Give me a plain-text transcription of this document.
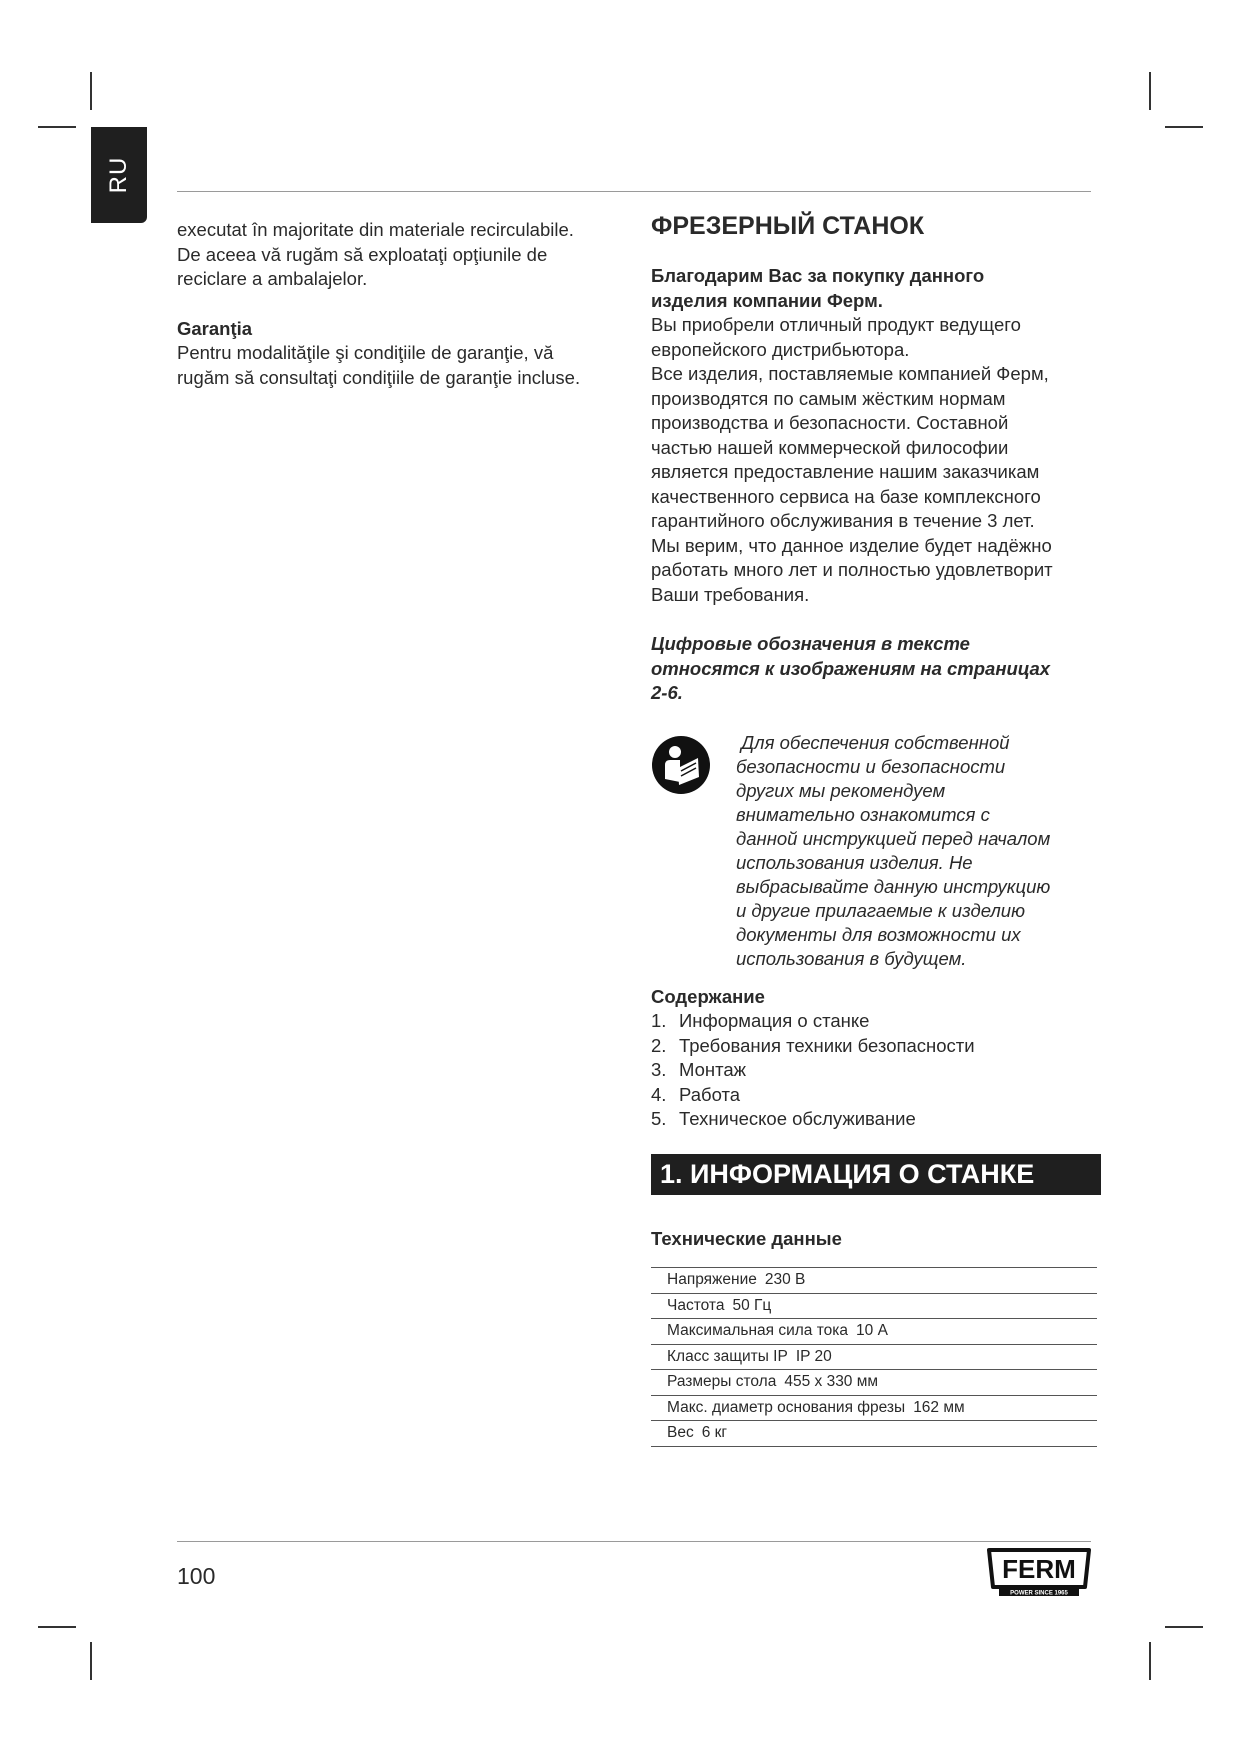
RU

executat în majoritate din materiale recirculabile.

De aceea vă rugăm să exploataţi opţiunile de

reciclare a ambalajelor.

Garanţia

Pentru modalităţile şi condiţiile de garanţie, vă

rugăm să consultaţi condiţiile de garanţie incluse.

ФРЕЗЕРНЫЙ СТАНОК

Благодарим Вас за покупку данного

изделия компании Ферм.

Вы приобрели отличный продукт ведущего

европейского дистрибьютора.

Все изделия, поставляемые компанией Ферм,

производятся по самым жёстким нормам

производства и безопасности. Составной

частью нашей коммерческой философии

является предоставление нашим заказчикам

качественного сервиса на базе комплексного

гарантийного обслуживания в течение 3 лет.

Мы верим, что данное изделие будет надёжно

работать много лет и полностью удовлетворит

Ваши требования.

Цифровые обозначения в тексте

относятся к изображениям на страницах

2-6.

Для обеспечения собственной

безопасности и безопасности

других мы рекомендуем

внимательно ознакомится с

данной инструкцией перед началом

использования изделия. Не

выбрасывайте данную инструкцию

и другие прилагаемые к изделию

документы для возможности их

использования в будущем.

Содержание
1. Информация о станке
2. Требования техники безопасности
3. Монтаж
4. Работа
5. Техническое обслуживание
1. ИНФОРМАЦИЯ О СТАНКЕ
Технические данные
Напряжение 230 В
Частота 50 Гц
Максимальная сила тока 10 A
Класс защиты IP IP 20
Размеры стола 455 x 330 мм
Макс. диаметр основания фрезы 162 мм
Вес 6 кг
100	FERM
POWER SINCE 1965
